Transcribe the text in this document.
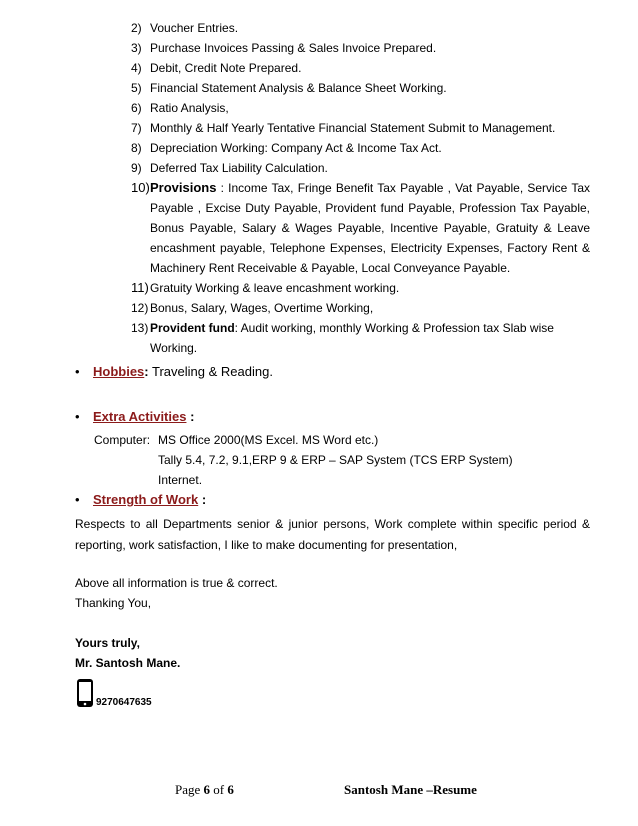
2) Voucher Entries.
3) Purchase Invoices Passing & Sales Invoice Prepared.
4) Debit, Credit Note Prepared.
5) Financial Statement Analysis & Balance Sheet Working.
6) Ratio Analysis,
7) Monthly & Half Yearly Tentative Financial Statement Submit to Management.
8) Depreciation Working: Company Act & Income Tax Act.
9) Deferred Tax Liability Calculation.
10) Provisions : Income Tax, Fringe Benefit Tax Payable , Vat Payable, Service Tax Payable , Excise Duty Payable, Provident fund Payable, Profession Tax Payable, Bonus Payable, Salary & Wages Payable, Incentive Payable, Gratuity & Leave encashment payable, Telephone Expenses, Electricity Expenses, Factory Rent & Machinery Rent Receivable & Payable, Local Conveyance Payable.
11) Gratuity Working & leave encashment working.
12) Bonus, Salary, Wages, Overtime Working,
13) Provident fund: Audit working, monthly Working & Profession tax Slab wise Working.
• Hobbies: Traveling & Reading.
• Extra Activities :
Computer: MS Office 2000(MS Excel. MS Word etc.)
Tally 5.4, 7.2, 9.1,ERP 9 & ERP – SAP System (TCS ERP System)
Internet.
• Strength of Work :
Respects to all Departments senior & junior persons, Work complete within specific period & reporting, work satisfaction, I like to make documenting for presentation,
Above all information is true & correct.
Thanking You,
Yours truly,
Mr. Santosh Mane.
9270647635
Page 6 of 6	Santosh Mane –Resume
